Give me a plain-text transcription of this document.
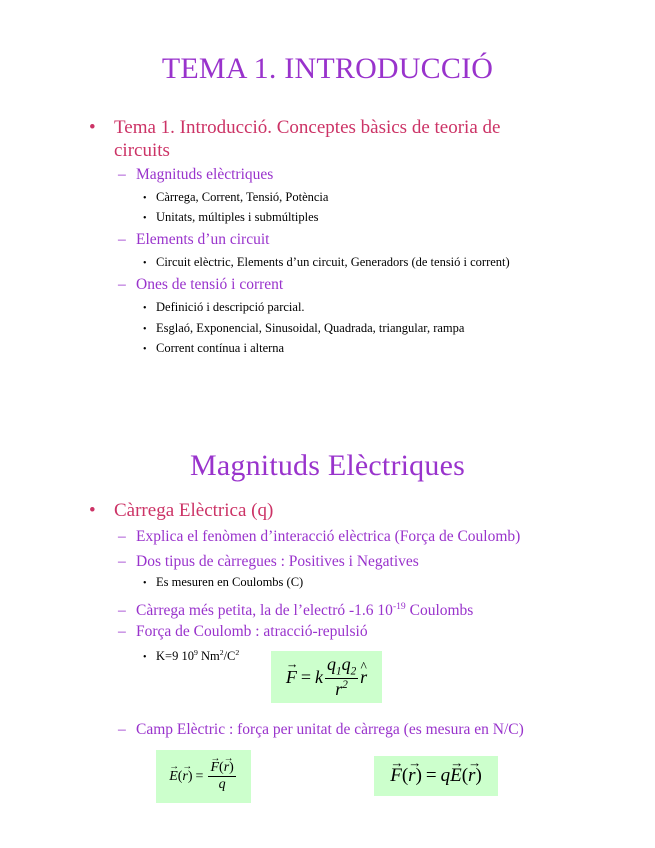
TEMA 1. INTRODUCCIÓ
• Tema 1. Introducció. Conceptes bàsics de teoria de circuits
– Magnituds elèctriques
• Càrrega, Corrent, Tensió, Potència
• Unitats, múltiples i submúltiples
– Elements d’un circuit
• Circuit elèctric, Elements d’un circuit, Generadors (de tensió i corrent)
– Ones de tensió i corrent
• Definició i descripció parcial.
• Esglaó, Exponencial, Sinusoidal, Quadrada, triangular, rampa
• Corrent contínua i alterna
Magnituds Elèctriques
• Càrrega Elèctrica (q)
– Explica el fenòmen d’interacció elèctrica (Força de Coulomb)
– Dos tipus de càrregues : Positives i Negatives
• Es mesuren en Coulombs (C)
– Càrrega més petita, la de l’electró -1.6 $10^{-19}$ Coulombs
– Força de Coulomb : atracció-repulsió
• K=9 $10^9$ $Nm^2/C^2$
→ F = k $\frac{q_1q_2}{r^2}$ ^ r
– Camp Elèctric : força per unitat de càrrega (es mesura en N/C)
→ E ( → r ) = → $\frac{F(\to r)}{q}$	→ F ( → r ) = q → E ( → r )
